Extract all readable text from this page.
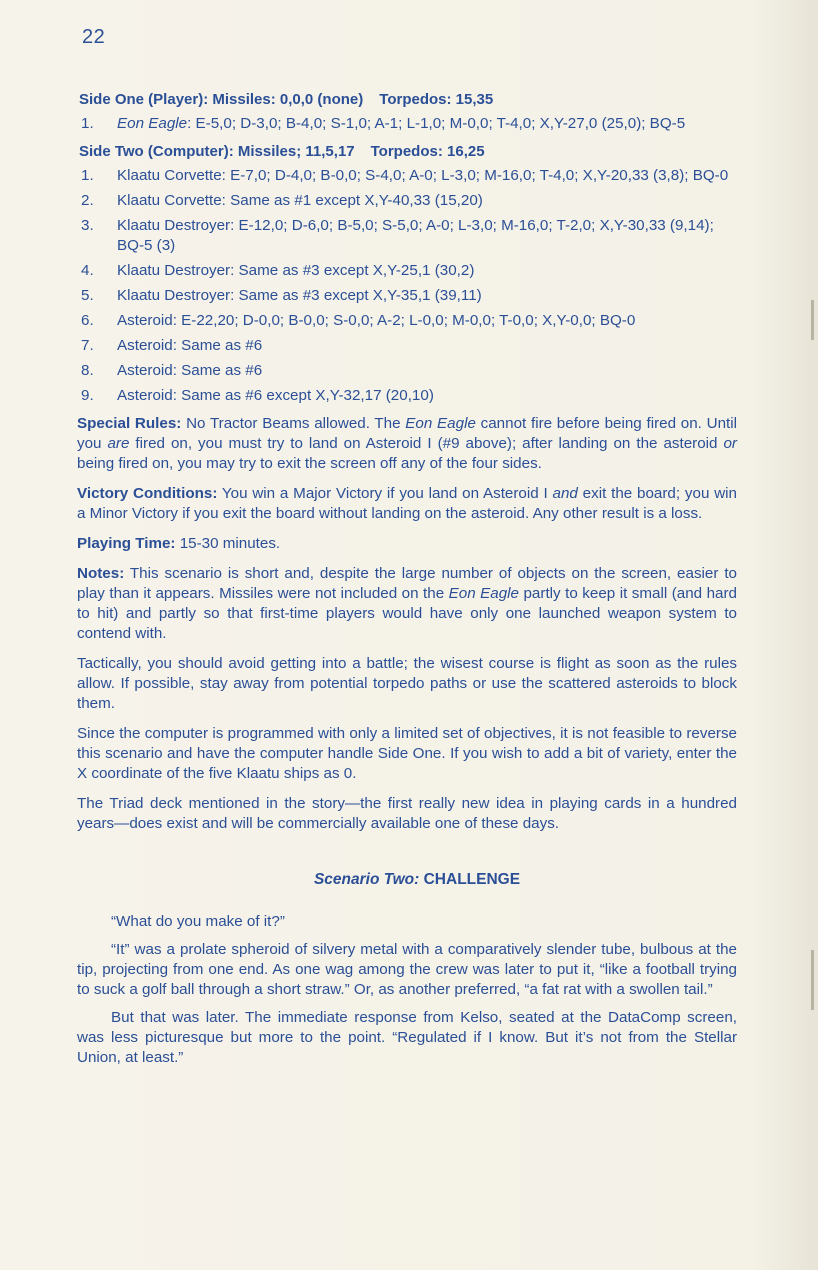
22
Side One (Player): Missiles: 0,0,0 (none) Torpedos: 15,35
1.	Eon Eagle: E-5,0; D-3,0; B-4,0; S-1,0; A-1; L-1,0; M-0,0; T-4,0; X,Y-27,0 (25,0); BQ-5
Side Two (Computer): Missiles; 11,5,17 Torpedos: 16,25
1.	Klaatu Corvette: E-7,0; D-4,0; B-0,0; S-4,0; A-0; L-3,0; M-16,0; T-4,0; X,Y-20,33 (3,8); BQ-0
2.	Klaatu Corvette: Same as #1 except X,Y-40,33 (15,20)
3.	Klaatu Destroyer: E-12,0; D-6,0; B-5,0; S-5,0; A-0; L-3,0; M-16,0; T-2,0; X,Y-30,33 (9,14); BQ-5 (3)
4.	Klaatu Destroyer: Same as #3 except X,Y-25,1 (30,2)
5.	Klaatu Destroyer: Same as #3 except X,Y-35,1 (39,11)
6.	Asteroid: E-22,20; D-0,0; B-0,0; S-0,0; A-2; L-0,0; M-0,0; T-0,0; X,Y-0,0; BQ-0
7.	Asteroid: Same as #6
8.	Asteroid: Same as #6
9.	Asteroid: Same as #6 except X,Y-32,17 (20,10)

Special Rules: No Tractor Beams allowed. The Eon Eagle cannot fire before being fired on. Until you are fired on, you must try to land on Asteroid I (#9 above); after landing on the asteroid or being fired on, you may try to exit the screen off any of the four sides.

Victory Conditions: You win a Major Victory if you land on Asteroid I and exit the board; you win a Minor Victory if you exit the board without landing on the asteroid. Any other result is a loss.

Playing Time: 15-30 minutes.

Notes: This scenario is short and, despite the large number of objects on the screen, easier to play than it appears. Missiles were not included on the Eon Eagle partly to keep it small (and hard to hit) and partly so that first-time players would have only one launched weapon system to contend with.

Tactically, you should avoid getting into a battle; the wisest course is flight as soon as the rules allow. If possible, stay away from potential torpedo paths or use the scattered asteroids to block them.

Since the computer is programmed with only a limited set of objectives, it is not feasible to reverse this scenario and have the computer handle Side One. If you wish to add a bit of variety, enter the X coordinate of the five Klaatu ships as 0.

The Triad deck mentioned in the story—the first really new idea in playing cards in a hundred years—does exist and will be commercially available one of these days.

Scenario Two: CHALLENGE

“What do you make of it?”

“It” was a prolate spheroid of silvery metal with a comparatively slender tube, bulbous at the tip, projecting from one end. As one wag among the crew was later to put it, “like a football trying to suck a golf ball through a short straw.” Or, as another preferred, “a fat rat with a swollen tail.”

But that was later. The immediate response from Kelso, seated at the DataComp screen, was less picturesque but more to the point. “Regulated if I know. But it’s not from the Stellar Union, at least.”
